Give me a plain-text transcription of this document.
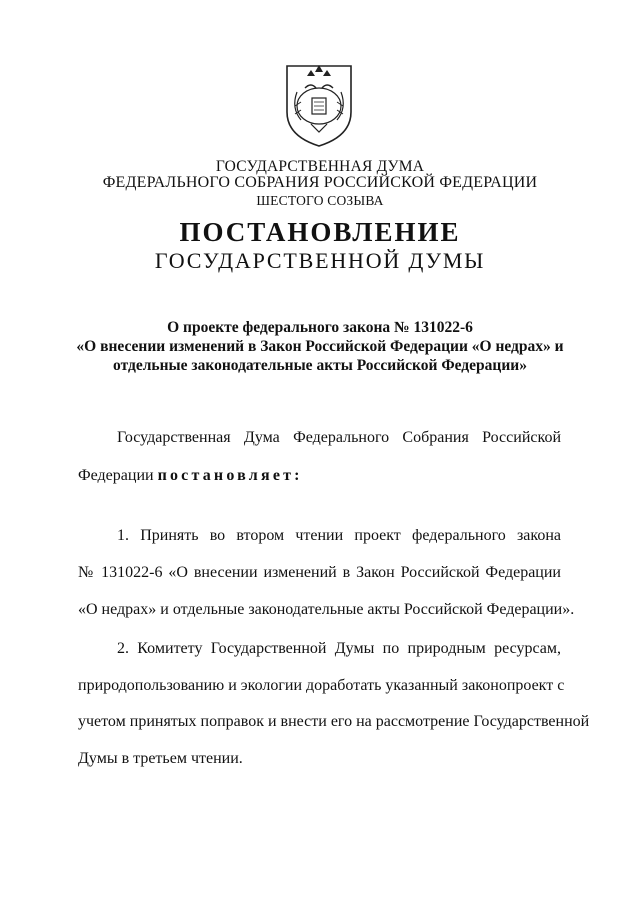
ГОСУДАРСТВЕННАЯ ДУМА
ФЕДЕРАЛЬНОГО СОБРАНИЯ РОССИЙСКОЙ ФЕДЕРАЦИИ
ШЕСТОГО СОЗЫВА
ПОСТАНОВЛЕНИЕ
ГОСУДАРСТВЕННОЙ ДУМЫ
О проекте федерального закона № 131022-6
«О внесении изменений в Закон Российской Федерации «О недрах» и
отдельные законодательные акты Российской Федерации»
Государственная Дума Федерального Собрания Российской
Федерации постановляет:
1. Принять во втором чтении проект федерального закона
№ 131022-6 «О внесении изменений в Закон Российской Федерации
«О недрах» и отдельные законодательные акты Российской Федерации».
2. Комитету Государственной Думы по природным ресурсам,
природопользованию и экологии доработать указанный законопроект с
учетом принятых поправок и внести его на рассмотрение Государственной
Думы в третьем чтении.
